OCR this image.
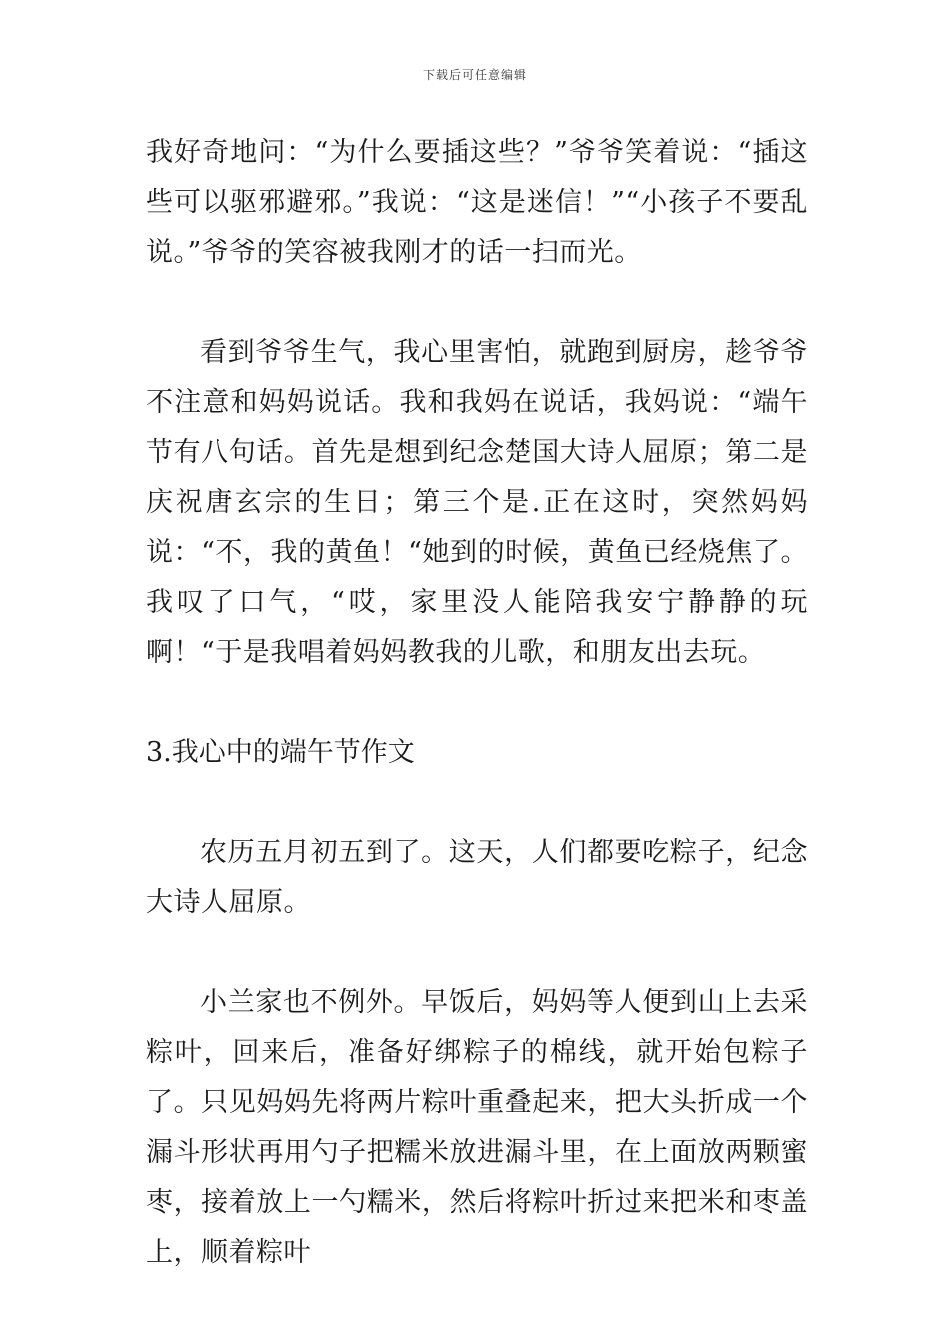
下载后可任意编辑

我好奇地问：“为什么要插这些？”爷爷笑着说：“插这些可以驱邪避邪。”我说：“这是迷信！”“小孩子不要乱说。”爷爷的笑容被我刚才的话一扫而光。

看到爷爷生气，我心里害怕，就跑到厨房，趁爷爷不注意和妈妈说话。我和我妈在说话，我妈说：“端午节有八句话。首先是想到纪念楚国大诗人屈原；第二是庆祝唐玄宗的生日；第三个是.正在这时，突然妈妈说：“不，我的黄鱼！“她到的时候，黄鱼已经烧焦了。我叹了口气，“哎，家里没人能陪我安宁静静的玩啊！“于是我唱着妈妈教我的儿歌，和朋友出去玩。

3.我心中的端午节作文

农历五月初五到了。这天，人们都要吃粽子，纪念大诗人屈原。

小兰家也不例外。早饭后，妈妈等人便到山上去采粽叶，回来后，准备好绑粽子的棉线，就开始包粽子了。只见妈妈先将两片粽叶重叠起来，把大头折成一个漏斗形状再用勺子把糯米放进漏斗里，在上面放两颗蜜枣，接着放上一勺糯米，然后将粽叶折过来把米和枣盖上，顺着粽叶
